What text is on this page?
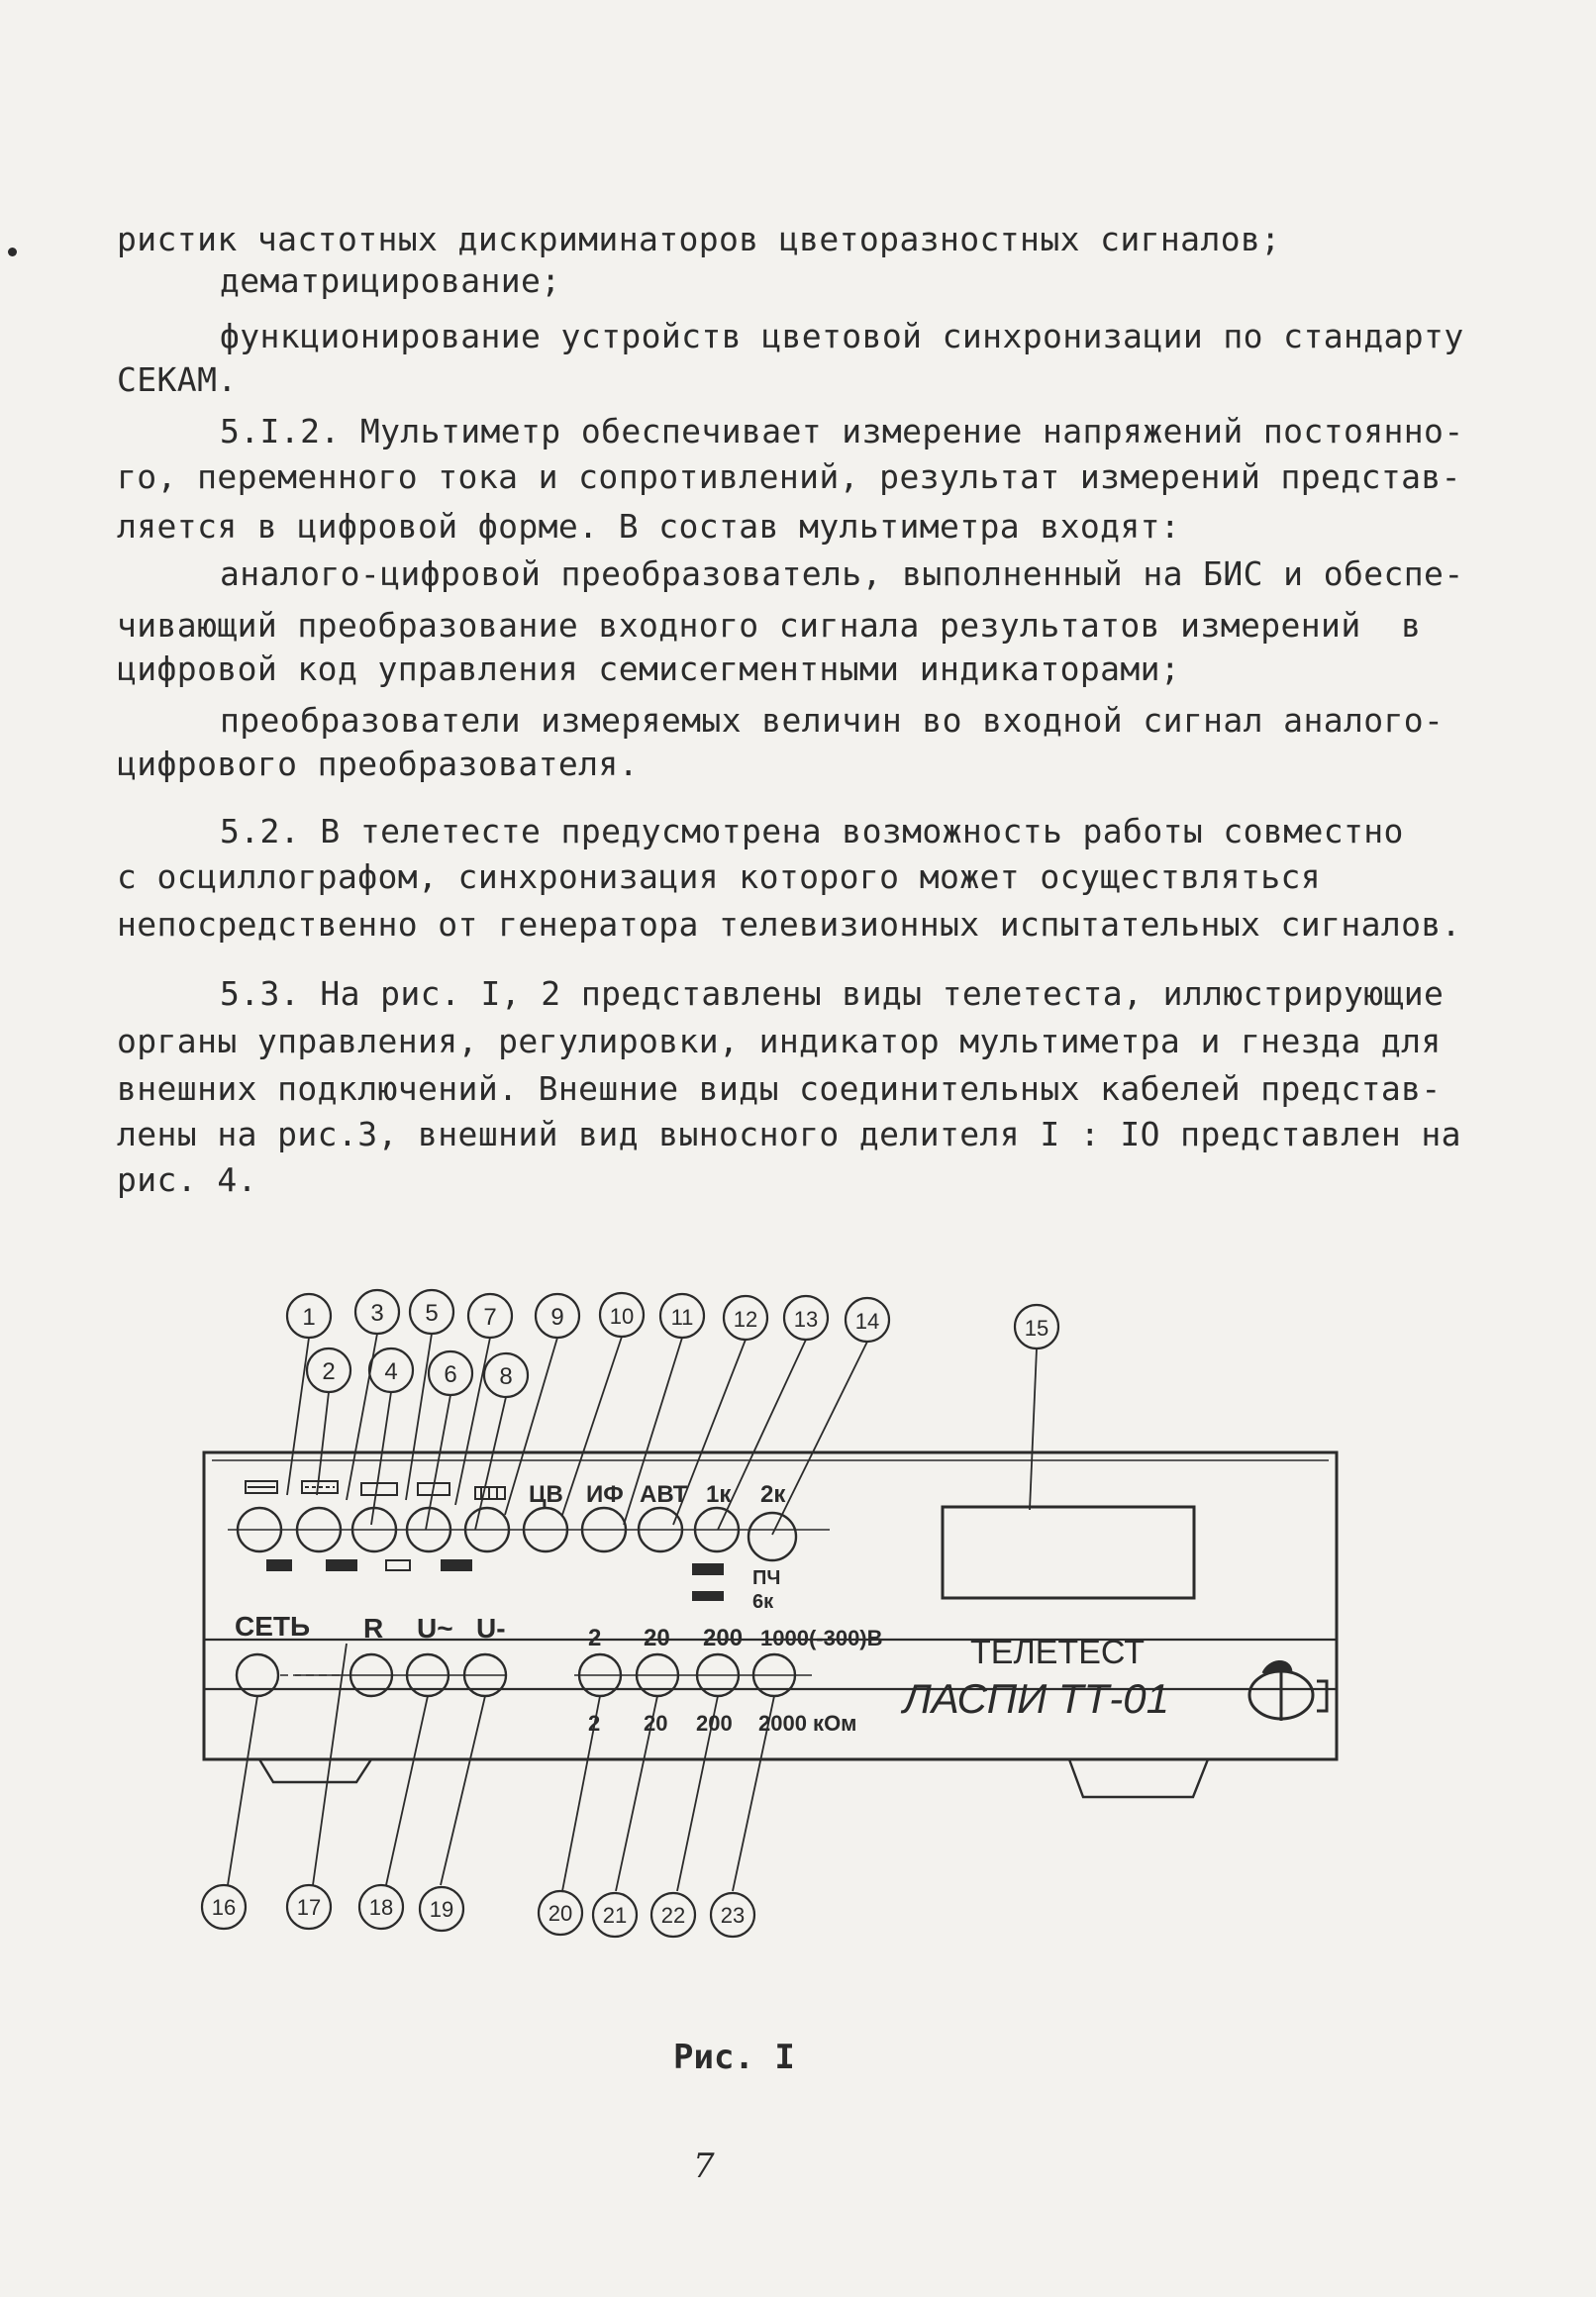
ристик частотных дискриминаторов цветоразностных сигналов;
дематрицирование;
функционирование устройств цветовой синхронизации по стандарту
СЕКАМ.
5.I.2. Мультиметр обеспечивает измерение напряжений постоянно-
го, переменного тока и сопротивлений, результат измерений представ-
ляется в цифровой форме. В состав мультиметра входят:
аналого-цифровой преобразователь, выполненный на БИС и обеспе-
чивающий преобразование входного сигнала результатов измерений  в
цифровой код управления семисегментными индикаторами;
преобразователи измеряемых величин во входной сигнал аналого-
цифрового преобразователя.
5.2. В телетесте предусмотрена возможность работы совместно
с осциллографом, синхронизация которого может осуществляться
непосредственно от генератора телевизионных испытательных сигналов.
5.3. На рис. I, 2 представлены виды телетеста, иллюстрирующие
органы управления, регулировки, индикатор мультиметра и гнезда для
внешних подключений. Внешние виды соединительных кабелей представ-
лены на рис.3, внешний вид выносного делителя I : IO представлен на
рис. 4.
1
2
3
4
5
6
7
8
9 10 11 12 13 14	15
ЦВ ИФ АВТ 1к 2к
ПЧ
6к
СЕТЬ R U~ U-	2 20 200 1000(-300)В
2 20 200 2000 кОм
ТЕЛЕТЕСТ
ЛАСПИ ТТ-01
16	17 18 19	20 21 22 23
Рис. I
7
